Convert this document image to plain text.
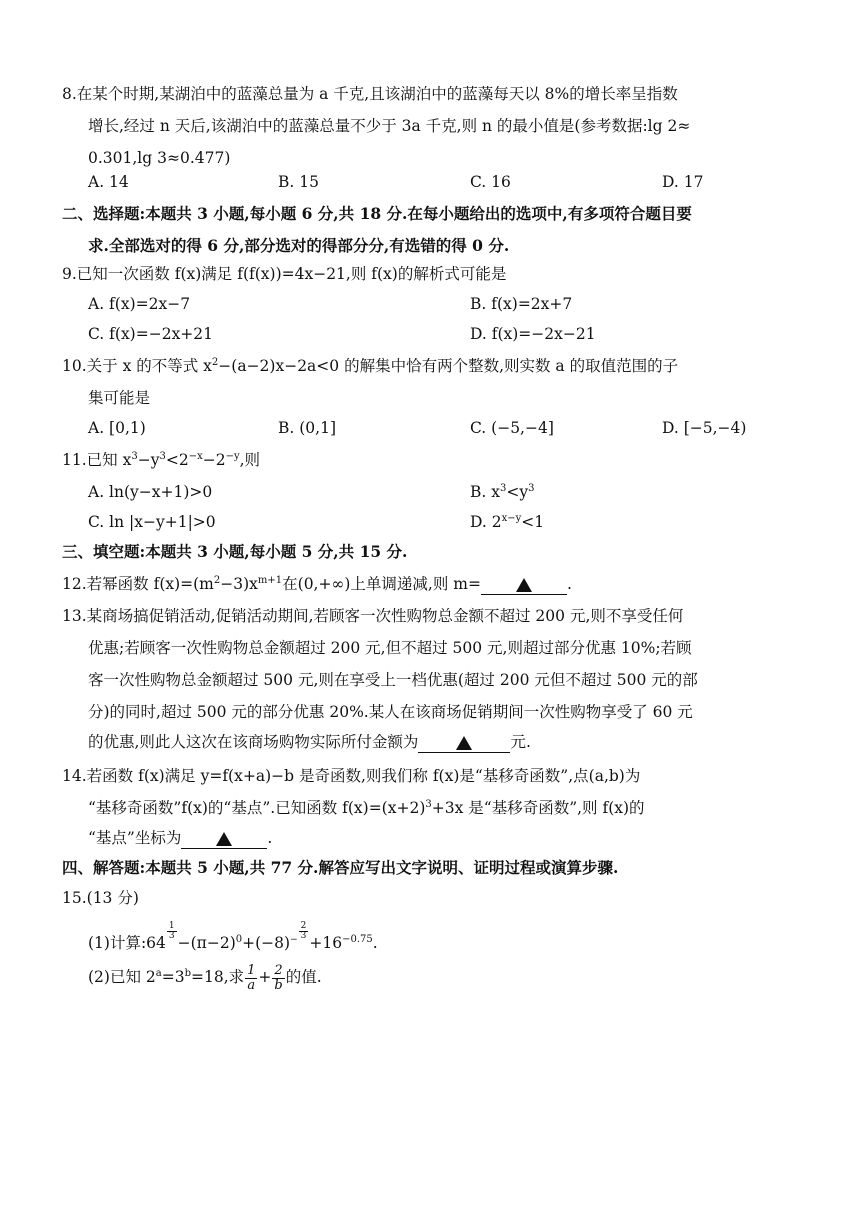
8.在某个时期,某湖泊中的蓝藻总量为 a 千克,且该湖泊中的蓝藻每天以 8%的增长率呈指数
增长,经过 n 天后,该湖泊中的蓝藻总量不少于 3a 千克,则 n 的最小值是(参考数据:lg 2≈
0.301,lg 3≈0.477)
A. 14	B. 15	C. 16	D. 17
二、选择题:本题共 3 小题,每小题 6 分,共 18 分.在每小题给出的选项中,有多项符合题目要
求.全部选对的得 6 分,部分选对的得部分分,有选错的得 0 分.
9.已知一次函数 f(x)满足 f(f(x))=4x−21,则 f(x)的解析式可能是
A. f(x)=2x−7	B. f(x)=2x+7
C. f(x)=−2x+21	D. f(x)=−2x−21
10.关于 x 的不等式 $x^2-(a-2)x-2a<0$ 的解集中恰有两个整数,则实数 a 的取值范围的子
集可能是
A. [0,1)	B. (0,1]	C. (−5,−4]	D. [−5,−4)
11.已知 $x^3-y^3<2^{-x}-2^{-y}$,则
A. ln(y−x+1)>0	B. $x^3<y^3$
C. ln |x−y+1|>0	D. $2^{x-y}<1$
三、填空题:本题共 3 小题,每小题 5 分,共 15 分.
12.若幂函数 $f(x)=(m^2-3)x^{m+1}$在(0,+∞)上单调递减,则 m=	.
13.某商场搞促销活动,促销活动期间,若顾客一次性购物总金额不超过 200 元,则不享受任何
优惠;若顾客一次性购物总金额超过 200 元,但不超过 500 元,则超过部分优惠 10%;若顾
客一次性购物总金额超过 500 元,则在享受上一档优惠(超过 200 元但不超过 500 元的部
分)的同时,超过 500 元的部分优惠 20%.某人在该商场促销期间一次性购物享受了 60 元
的优惠,则此人这次在该商场购物实际所付金额为	元.
14.若函数 f(x)满足 y=f(x+a)−b 是奇函数,则我们称 f(x)是“基移奇函数”,点(a,b)为
“基移奇函数”f(x)的“基点”.已知函数 $f(x)=(x+2)^3+3x$ 是“基移奇函数”,则 f(x)的
“基点”坐标为	.
四、解答题:本题共 5 小题,共 77 分.解答应写出文字说明、证明过程或演算步骤.
15.(13 分)
(1)计算:64
$^{\frac{1}{3}}$
$-(\pi-2)^0+(-8)^{- \frac{2}{3}}$
$+16^{-0.75}$.
(2)已知 $2^a=3^b=18$,求 $\frac{1}{a} + \frac{2}{b}$ 的值.
